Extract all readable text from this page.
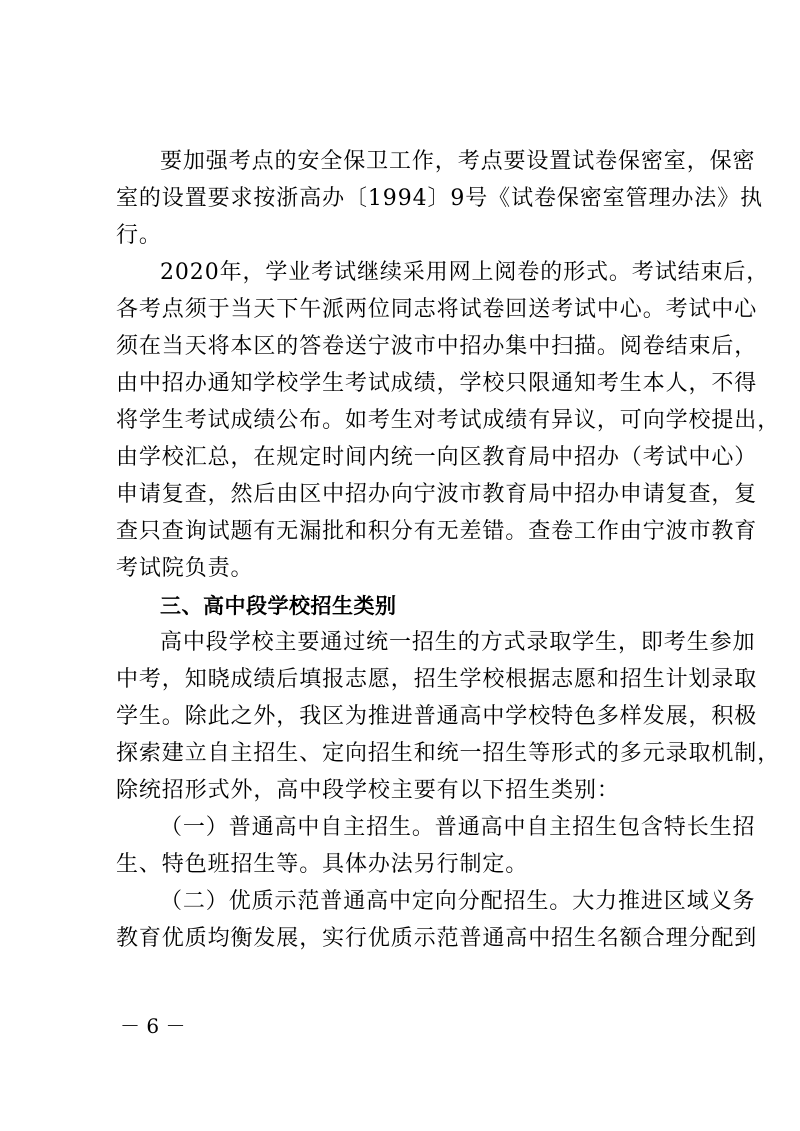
要加强考点的安全保卫工作，考点要设置试卷保密室，保密
室的设置要求按浙高办〔1994〕9号《试卷保密室管理办法》执
行。
2020年，学业考试继续采用网上阅卷的形式。考试结束后，
各考点须于当天下午派两位同志将试卷回送考试中心。考试中心
须在当天将本区的答卷送宁波市中招办集中扫描。阅卷结束后，
由中招办通知学校学生考试成绩，学校只限通知考生本人，不得
将学生考试成绩公布。如考生对考试成绩有异议，可向学校提出，
由学校汇总，在规定时间内统一向区教育局中招办（考试中心）
申请复查，然后由区中招办向宁波市教育局中招办申请复查，复
查只查询试题有无漏批和积分有无差错。查卷工作由宁波市教育
考试院负责。
三、高中段学校招生类别
高中段学校主要通过统一招生的方式录取学生，即考生参加
中考，知晓成绩后填报志愿，招生学校根据志愿和招生计划录取
学生。除此之外，我区为推进普通高中学校特色多样发展，积极
探索建立自主招生、定向招生和统一招生等形式的多元录取机制，
除统招形式外，高中段学校主要有以下招生类别：
（一）普通高中自主招生。普通高中自主招生包含特长生招
生、特色班招生等。具体办法另行制定。
（二）优质示范普通高中定向分配招生。大力推进区域义务
教育优质均衡发展，实行优质示范普通高中招生名额合理分配到
－ 6 －
